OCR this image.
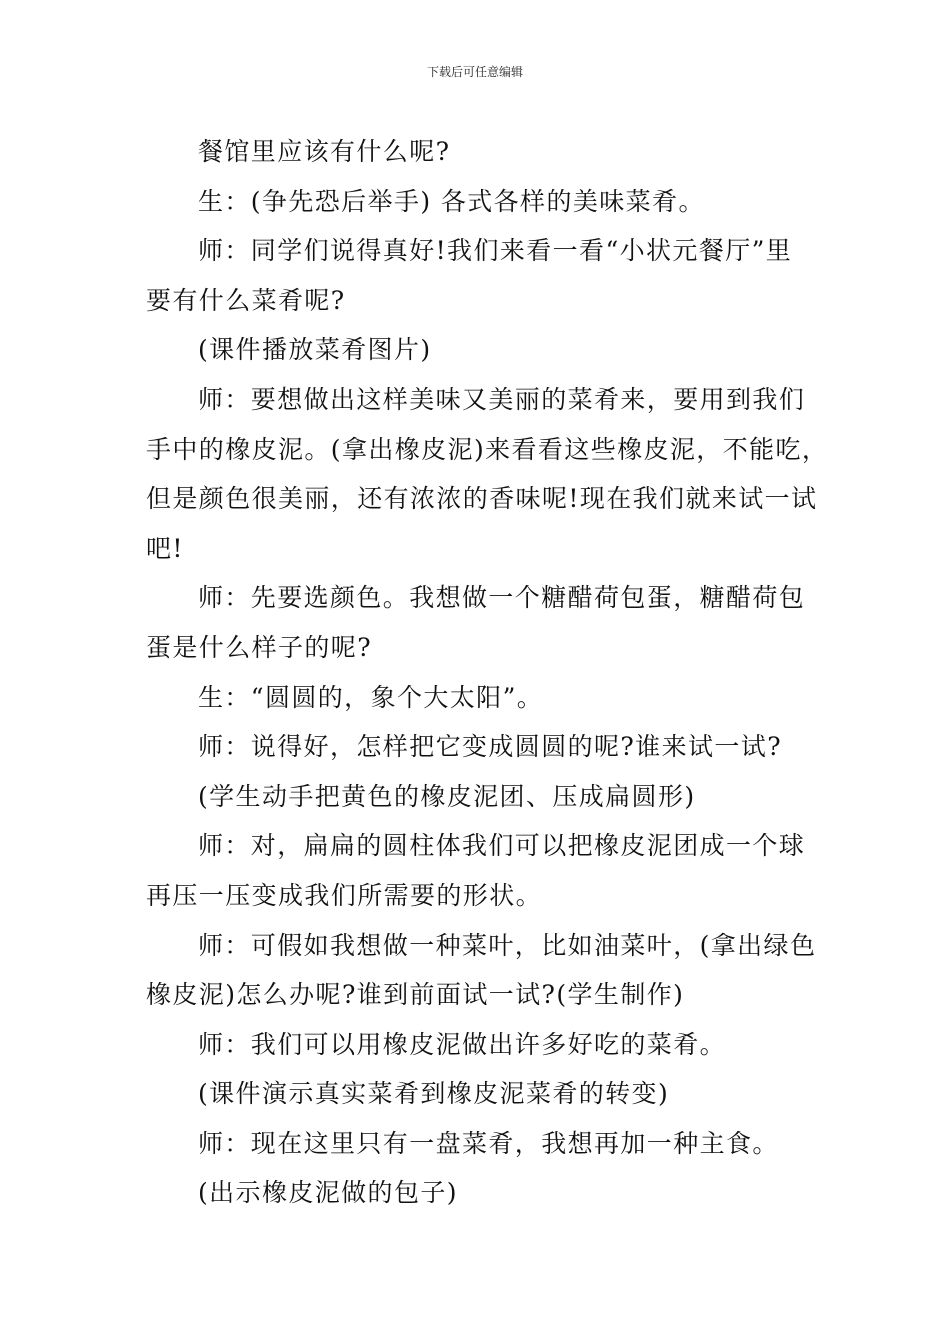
下载后可任意编辑

餐馆里应该有什么呢?

生：(争先恐后举手) 各式各样的美味菜肴。

师：同学们说得真好!我们来看一看“小状元餐厅”里

要有什么菜肴呢?

(课件播放菜肴图片)

师：要想做出这样美味又美丽的菜肴来，要用到我们

手中的橡皮泥。(拿出橡皮泥)来看看这些橡皮泥，不能吃，

但是颜色很美丽，还有浓浓的香味呢!现在我们就来试一试

吧!

师：先要选颜色。我想做一个糖醋荷包蛋，糖醋荷包

蛋是什么样子的呢?

生：“圆圆的，象个大太阳”。

师：说得好，怎样把它变成圆圆的呢?谁来试一试?

(学生动手把黄色的橡皮泥团、压成扁圆形)

师：对，扁扁的圆柱体我们可以把橡皮泥团成一个球

再压一压变成我们所需要的形状。

师：可假如我想做一种菜叶，比如油菜叶，(拿出绿色

橡皮泥)怎么办呢?谁到前面试一试?(学生制作)

师：我们可以用橡皮泥做出许多好吃的菜肴。

(课件演示真实菜肴到橡皮泥菜肴的转变)

师：现在这里只有一盘菜肴，我想再加一种主食。

(出示橡皮泥做的包子)
